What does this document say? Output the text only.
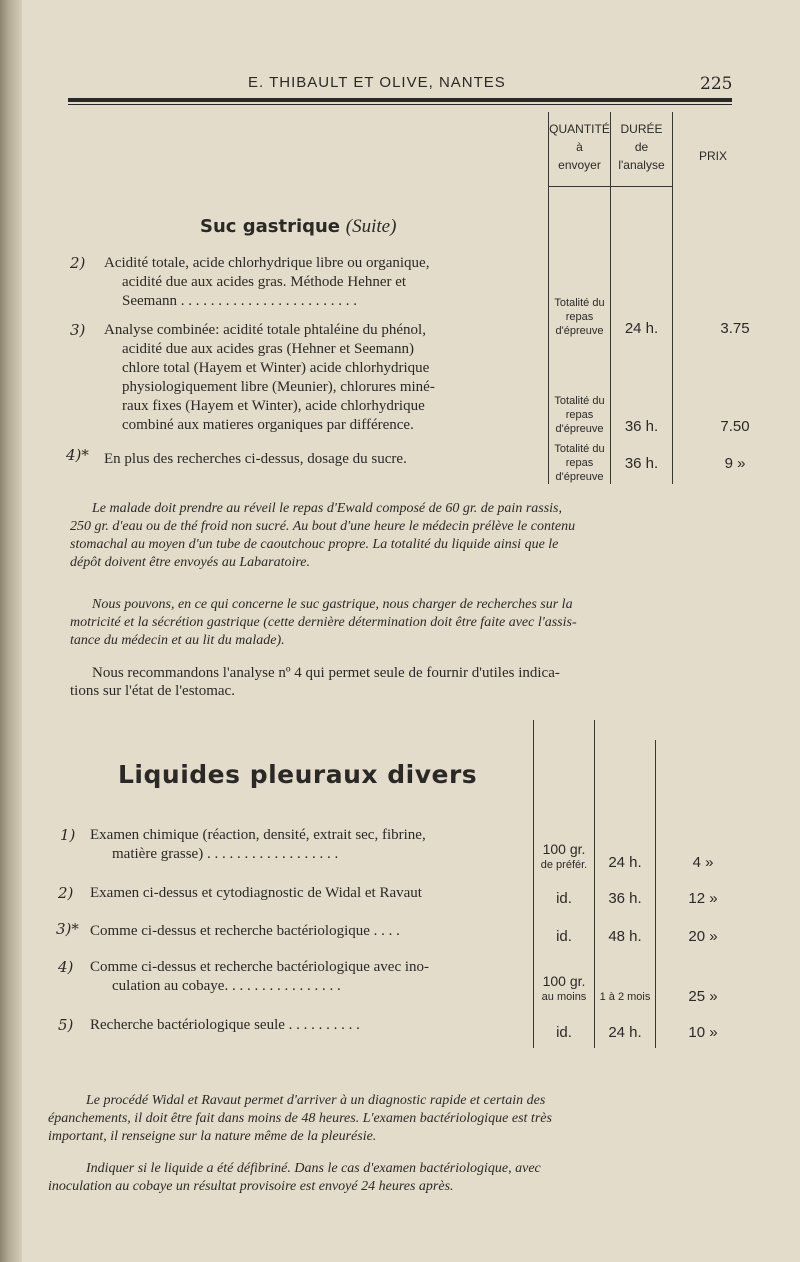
E. THIBAULT ET OLIVE, NANTES	225
QUANTITÉ
à
envoyer
DURÉE
de
l'analyse
PRIX
Suc gastrique (Suite)
2) Acidité totale, acide chlorhydrique libre ou organique,
acidité due aux acides gras. Méthode Hehner et
Seemann . . . . . . . . . . . . . . . . . . . . . . . .	Totalité du
repas
d'épreuve	24 h.	3.75
3) Analyse combinée: acidité totale phtaléine du phénol,
acidité due aux acides gras (Hehner et Seemann)
chlore total (Hayem et Winter) acide chlorhydrique
physiologiquement libre (Meunier), chlorures miné-
raux fixes (Hayem et Winter), acide chlorhydrique
combiné aux matieres organiques par différence.
Totalité du
repas
d'épreuve	36 h.	7.50
4)* En plus des recherches ci-dessus, dosage du sucre.
Totalité du
repas
d'épreuve
36 h.	9 »
Le malade doit prendre au réveil le repas d'Ewald composé de 60 gr. de pain rassis,
250 gr. d'eau ou de thé froid non sucré. Au bout d'une heure le médecin prélève le contenu
stomachal au moyen d'un tube de caoutchouc propre. La totalité du liquide ainsi que le
dépôt doivent être envoyés au Labaratoire.
Nous pouvons, en ce qui concerne le suc gastrique, nous charger de recherches sur la
motricité et la sécrétion gastrique (cette dernière détermination doit être faite avec l'assis-
tance du médecin et au lit du malade).
Nous recommandons l'analyse nº 4 qui permet seule de fournir d'utiles indica-
tions sur l'état de l'estomac.
Liquides pleuraux divers
1) Examen chimique (réaction, densité, extrait sec, fibrine,
matière grasse) . . . . . . . . . . . . . . . . . .	100 gr.
de préfér.	24 h.	4 »
2) Examen ci-dessus et cytodiagnostic de Widal et Ravaut	id.	36 h.	12 »
3)* Comme ci-dessus et recherche bactériologique . . . .	id.	48 h.	20 »
4) Comme ci-dessus et recherche bactériologique avec ino-
culation au cobaye. . . . . . . . . . . . . . . .	100 gr.
au moins	1 à 2 mois	25 »
5) Recherche bactériologique seule . . . . . . . . . .	id.	24 h.	10 »
Le procédé Widal et Ravaut permet d'arriver à un diagnostic rapide et certain des
épanchements, il doit être fait dans moins de 48 heures. L'examen bactériologique est très
important, il renseigne sur la nature même de la pleurésie.
Indiquer si le liquide a été défibriné. Dans le cas d'examen bactériologique, avec
inoculation au cobaye un résultat provisoire est envoyé 24 heures après.
